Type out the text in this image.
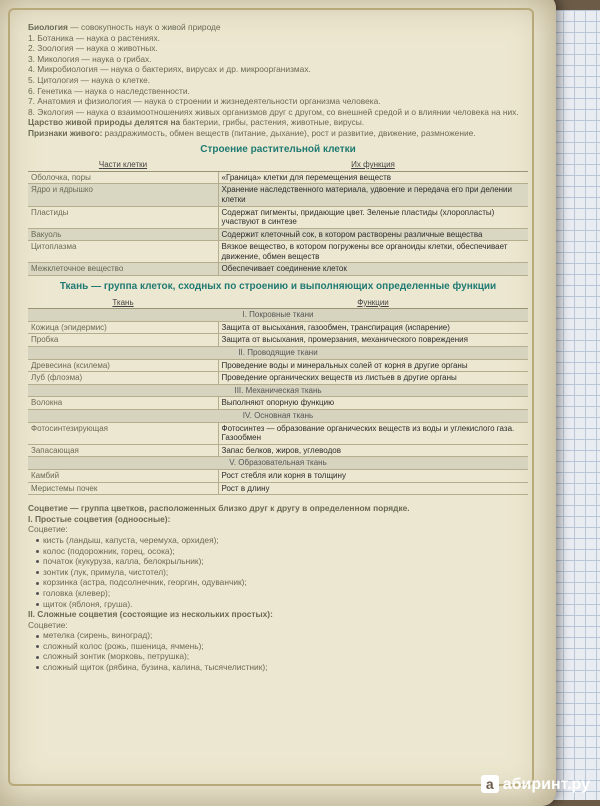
Биология — совокупность наук о живой природе
1. Ботаника — наука о растениях.
2. Зоология — наука о животных.
3. Микология — наука о грибах.
4. Микробиология — наука о бактериях, вирусах и др. микроорганизмах.
5. Цитология — наука о клетке.
6. Генетика — наука о наследственности.
7. Анатомия и физиология — наука о строении и жизнедеятельности организма человека.
8. Экология — наука о взаимоотношениях живых организмов друг с другом, со внешней средой и о влиянии человека на них.
Царство живой природы делятся на бактерии, грибы, растения, животные, вирусы.
Признаки живого: раздражимость, обмен веществ (питание, дыхание), рост и развитие, движение, размножение.
Строение растительной клетки
Части клетки	Их функция
Оболочка, поры	«Граница» клетки для перемещения веществ
Ядро и ядрышко	Хранение наследственного материала, удвоение и передача его при делении клетки
Пластиды	Содержат пигменты, придающие цвет. Зеленые пластиды (хлоропласты) участвуют в синтезе
Вакуоль	Содержит клеточный сок, в котором растворены различные вещества
Цитоплазма	Вязкое вещество, в котором погружены все органоиды клетки, обеспечивает движение, обмен веществ
Межклеточное вещество	Обеспечивает соединение клеток
Ткань — группа клеток, сходных по строению и выполняющих определенные функции
Ткань	Функции
I. Покровные ткани	
Кожица (эпидермис)	Защита от высыхания, газообмен, транспирация (испарение)
Пробка	Защита от высыхания, промерзания, механического повреждения
II. Проводящие ткани	
Древесина (ксилема)	Проведение воды и минеральных солей от корня в другие органы
Луб (флоэма)	Проведение органических веществ из листьев в другие органы
III. Механическая ткань	
Волокна	Выполняют опорную функцию
IV. Основная ткань	
Фотосинтезирующая	Фотосинтез — образование органических веществ из воды и углекислого газа. Газообмен
Запасающая	Запас белков, жиров, углеводов
V. Образовательная ткань	
Камбий	Рост стебля или корня в толщину
Меристемы почек	Рост в длину
Соцветие — группа цветков, расположенных близко друг к другу в определенном порядке.
I. Простые соцветия (одноосные):
Соцветие:
кисть (ландыш, капуста, черемуха, орхидея);
колос (подорожник, горец, осока);
початок (кукуруза, калла, белокрыльник);
зонтик (лук, примула, чистотел);
корзинка (астра, подсолнечник, георгин, одуванчик);
головка (клевер);
щиток (яблоня, груша).
II. Сложные соцветия (состоящие из нескольких простых):
Соцветие:
метелка (сирень, виноград);
сложный колос (рожь, пшеница, ячмень);
сложный зонтик (морковь, петрушка);
сложный щиток (рябина, бузина, калина, тысячелистник);
а абиринт.ру
